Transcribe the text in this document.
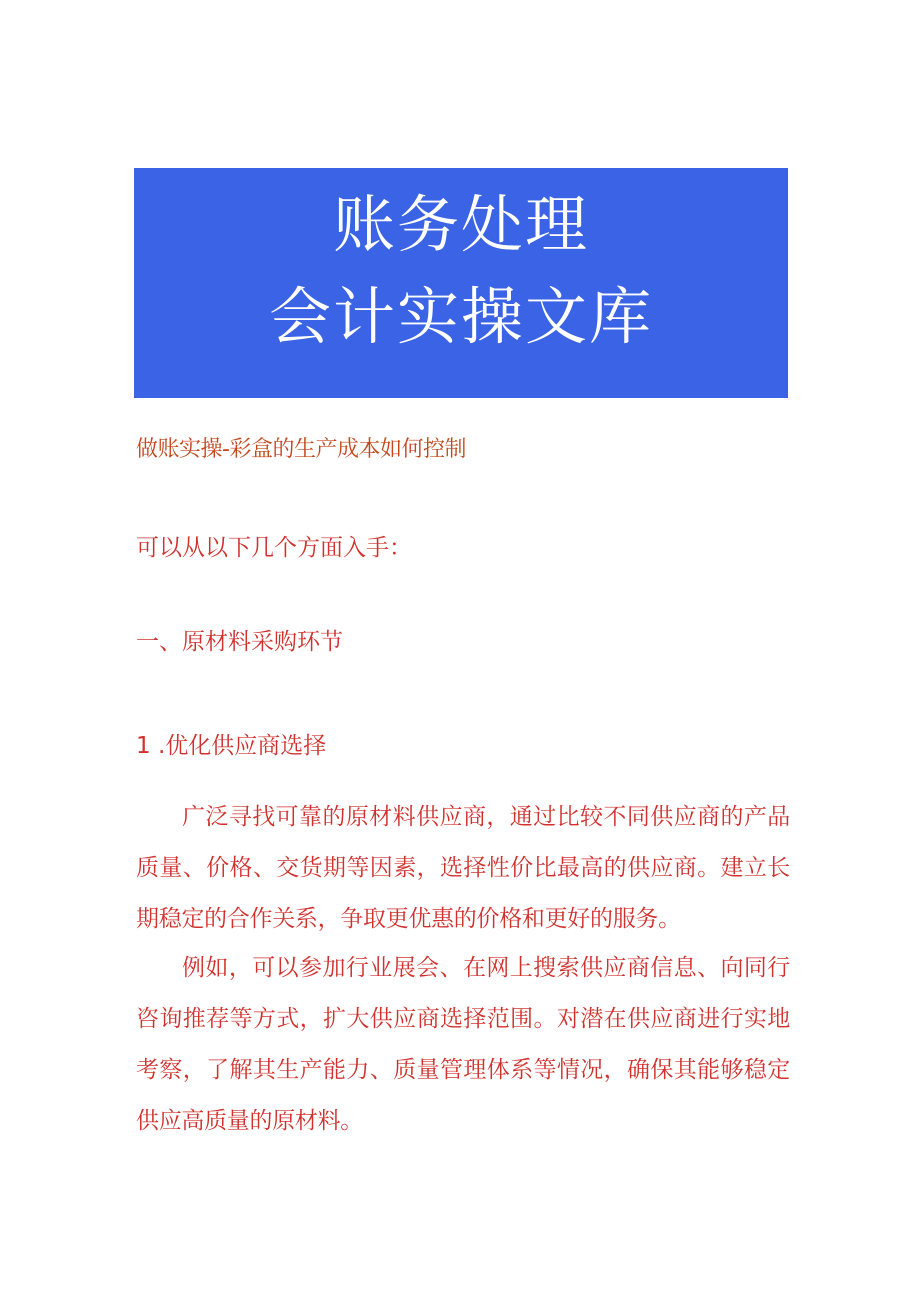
账务处理
会计实操文库
做账实操-彩盒的生产成本如何控制
可以从以下几个方面入手：
一、原材料采购环节
1 .优化供应商选择
广泛寻找可靠的原材料供应商，通过比较不同供应商的产品质量、价格、交货期等因素，选择性价比最高的供应商。建立长期稳定的合作关系，争取更优惠的价格和更好的服务。
例如，可以参加行业展会、在网上搜索供应商信息、向同行咨询推荐等方式，扩大供应商选择范围。对潜在供应商进行实地考察，了解其生产能力、质量管理体系等情况，确保其能够稳定供应高质量的原材料。
